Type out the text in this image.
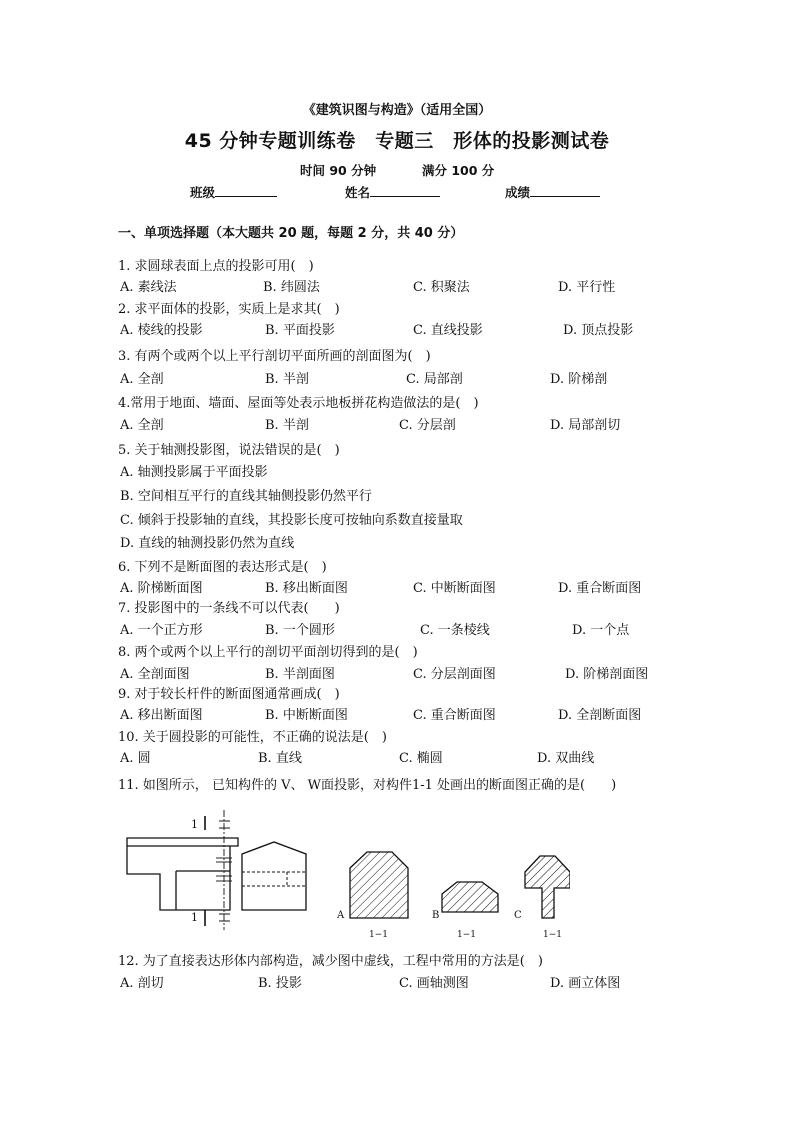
《建筑识图与构造》（适用全国）
45 分钟专题训练卷　专题三　形体的投影测试卷
时间 90 分钟	满分 100 分
班级	姓名	成绩
一、单项选择题（本大题共 20 题，每题 2 分，共 40 分）
1. 求圆球表面上点的投影可用(　)
A. 素线法	B. 纬圆法	C. 积聚法	D. 平行性
2. 求平面体的投影，实质上是求其(　)
A. 棱线的投影	B. 平面投影	C. 直线投影	D. 顶点投影
3. 有两个或两个以上平行剖切平面所画的剖面图为(　)
A. 全剖	B. 半剖	C. 局部剖	D. 阶梯剖
4.常用于地面、墙面、屋面等处表示地板拼花构造做法的是(　)
A. 全剖	B. 半剖	C. 分层剖	D. 局部剖切
5. 关于轴测投影图，说法错误的是(　)
A. 轴测投影属于平面投影
B. 空间相互平行的直线其轴侧投影仍然平行
C. 倾斜于投影轴的直线，其投影长度可按轴向系数直接量取
D. 直线的轴测投影仍然为直线
6. 下列不是断面图的表达形式是(　)
A. 阶梯断面图	B. 移出断面图	C. 中断断面图	D. 重合断面图
7. 投影图中的一条线不可以代表(　　)
A. 一个正方形	B. 一个圆形	C. 一条棱线	D. 一个点
8. 两个或两个以上平行的剖切平面剖切得到的是(　)
A. 全剖面图	B. 半剖面图	C. 分层剖面图	D. 阶梯剖面图
9. 对于较长杆件的断面图通常画成(　)
A. 移出断面图	B. 中断断面图	C. 重合断面图	D. 全剖断面图
10. 关于圆投影的可能性，不正确的说法是(　)
A. 圆	B. 直线	C. 椭圆	D. 双曲线
11. 如图所示， 已知构件的 V、 W面投影，对构件1-1 处画出的断面图正确的是(　　)
1
1	A
1−1
B
1−1
C
1−1
12. 为了直接表达形体内部构造，减少图中虚线，工程中常用的方法是(　)
A. 剖切	B. 投影	C. 画轴测图	D. 画立体图
